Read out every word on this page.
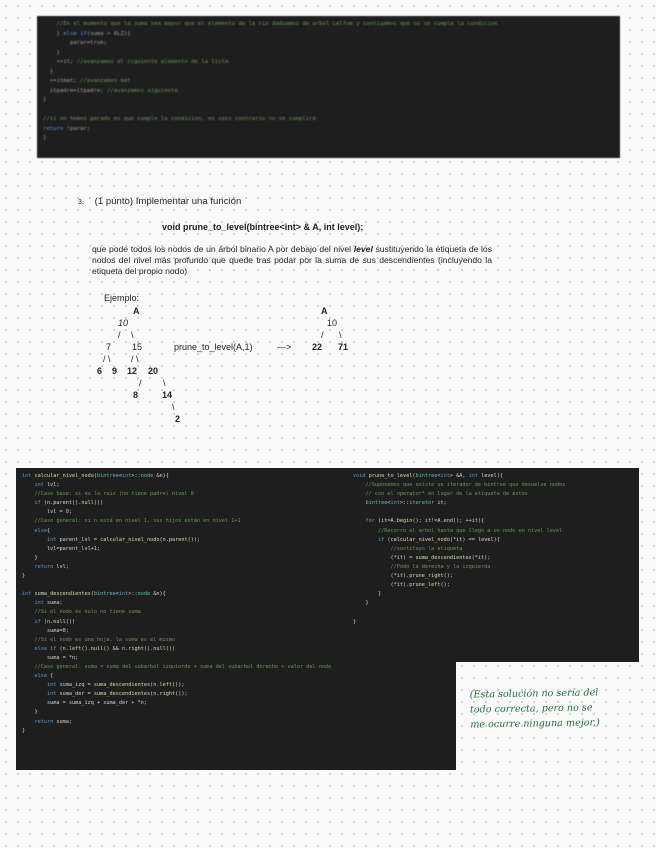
//En el momento que la suma sea mayor que el elemento de la rio daduamos de arbol Lelfom y contiuamos que no se cumple la condicion
} else if(suma > ALZ){
parar=true;
}
++it; //avanzamos al siguiente elemento de la lista
}
++itmat; //avanzamos mat
itpadre=itpadre; //avanzamos siguiente
}

//si no hemos parado es que cumple la condicion, es caso contrario no se cumplira
return !parar;
}
3. (1 punto) Implementar una función
void prune_to_level(bintree<int> & A, int level);
que pode todos los nodos de un árbol binario A por debajo del nivel level sustituyendo la etiqueta de los nodos del nivel más profundo que quede tras podar por la suma de sus descendientes (incluyendo la etiqueta del propio nodo)
Ejemplo:
A
10
/ \
7 15
/ \ / \
6 9 12 20
/ \
8	14
\
2
prune_to_level(A,1)	--->
A
10
/ \
22 71
int calcular_nivel_nodo(bintree<int>::node &n){
int lvl;
//Caso base: si es la raiz (no tiene padre) nivel 0
if (n.parent().null())
lvl = 0;
//Caso general: si n está en nivel 1, sus hijos están en nivel 1+1
else{
int parent_lvl = calcular_nivel_nodo(n.parent());
lvl=parent_lvl+1;
}
return lvl;
}

int suma_descendientes(bintree<int>::node &n){
int suma;
//Si el nodo es nulo no tiene suma
if (n.null())
suma=0;
//Si el nodo es una hoja, la suma es el mismo
else if (n.left().null() && n.right().null())
suma = *n;
//Caso general: suma = suma del subarbol izquierdo + suma del subarbol derecho + valor del nodo
else {
int suma_izq = suma_descendientes(n.left());
int suma_der = suma_descendientes(n.right());
suma = suma_izq + suma_der + *n;
}
return suma;
}
void prune_to_level(bintree<int> &A, int level){
//Suponemos que existe un iterador de bintree que devuelve nodos
// con el operator* en lugar de la etiqueta de éstos
bintree<int>::iterator it;

for (it=A.begin(); it!=A.end(); ++it){
//Recorro el arbol hasta que llego a un nodo en nivel level
if (calcular_nivel_nodo(*it) == level){
//sustituyo la etiqueta
(*it) = suma_descendientes(*it);
//Podo la derecha y la izquierda
(*it).prune_right();
(*it).prune_left();
}
}

}
(Esta solución no sería del
todo correcta, pero no se
me ocurre ninguna mejor.)
